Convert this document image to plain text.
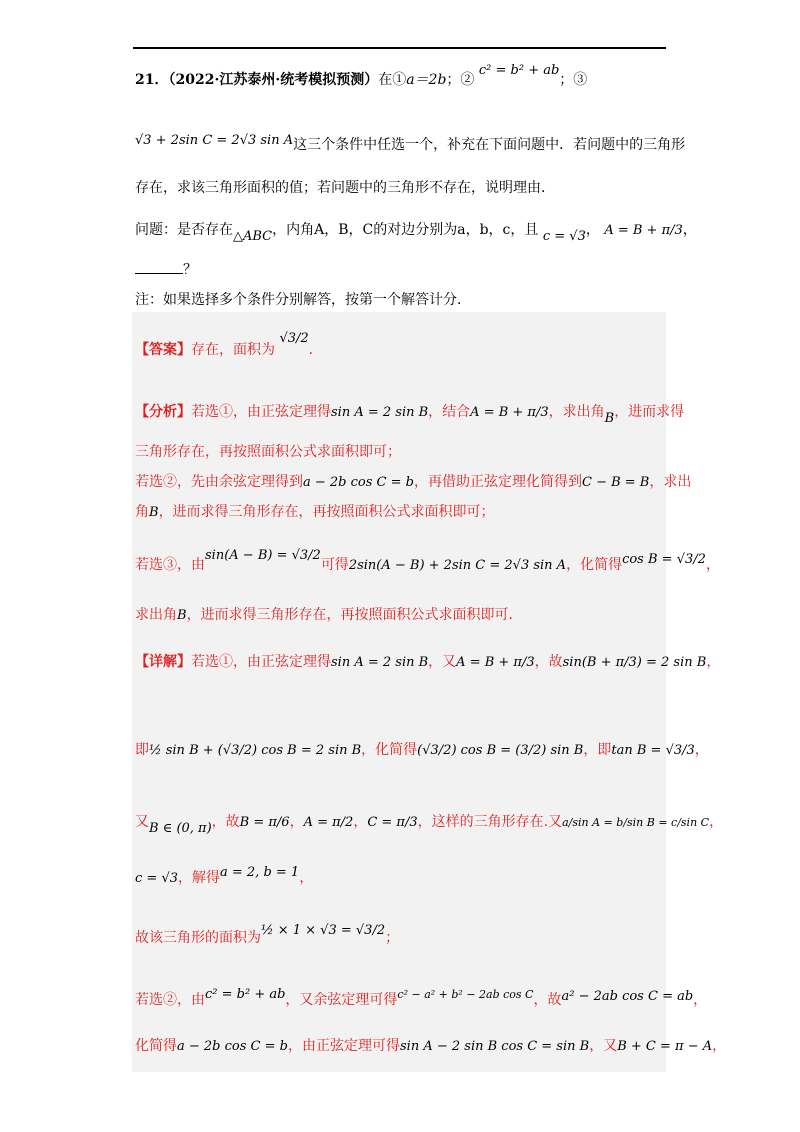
21．（2022·江苏泰州·统考模拟预测）在①a＝2b；② c² = b² + ab；③
√3 + 2sin C = 2√3 sin A这三个条件中任选一个，补充在下面问题中．若问题中的三角形
存在，求该三角形面积的值；若问题中的三角形不存在，说明理由．
问题：是否存在△ABC，内角A，B，C的对边分别为a，b，c，且 c = √3， A = B + π/3，
？
注：如果选择多个条件分别解答，按第一个解答计分．
【答案】存在，面积为 √3/2．
【分析】若选①，由正弦定理得sin A = 2 sin B，结合A = B + π/3，求出角B，进而求得
三角形存在，再按照面积公式求面积即可；
若选②，先由余弦定理得到a − 2b cos C = b，再借助正弦定理化简得到C − B = B，求出
角B，进而求得三角形存在，再按照面积公式求面积即可；
若选③，由sin(A − B) = √3/2可得2sin(A − B) + 2sin C = 2√3 sin A，化简得cos B = √3/2，
求出角B，进而求得三角形存在，再按照面积公式求面积即可．
【详解】若选①，由正弦定理得sin A = 2 sin B，又A = B + π/3，故sin(B + π/3) = 2 sin B，
即½ sin B + (√3/2) cos B = 2 sin B，化简得(√3/2) cos B = (3/2) sin B，即tan B = √3/3，
又B ∈ (0, π)，故B = π/6，A = π/2，C = π/3，这样的三角形存在.又a/sin A = b/sin B = c/sin C，
c = √3，解得a = 2, b = 1，
故该三角形的面积为½ × 1 × √3 = √3/2；
若选②，由c² = b² + ab，又余弦定理可得$^{c^2 - a^2 + b^2 - 2ab cos C}$，故a² − 2ab cos C = ab，
化简得a − 2b cos C = b，由正弦定理可得sin A − 2 sin B cos C = sin B，又B + C = π − A，
